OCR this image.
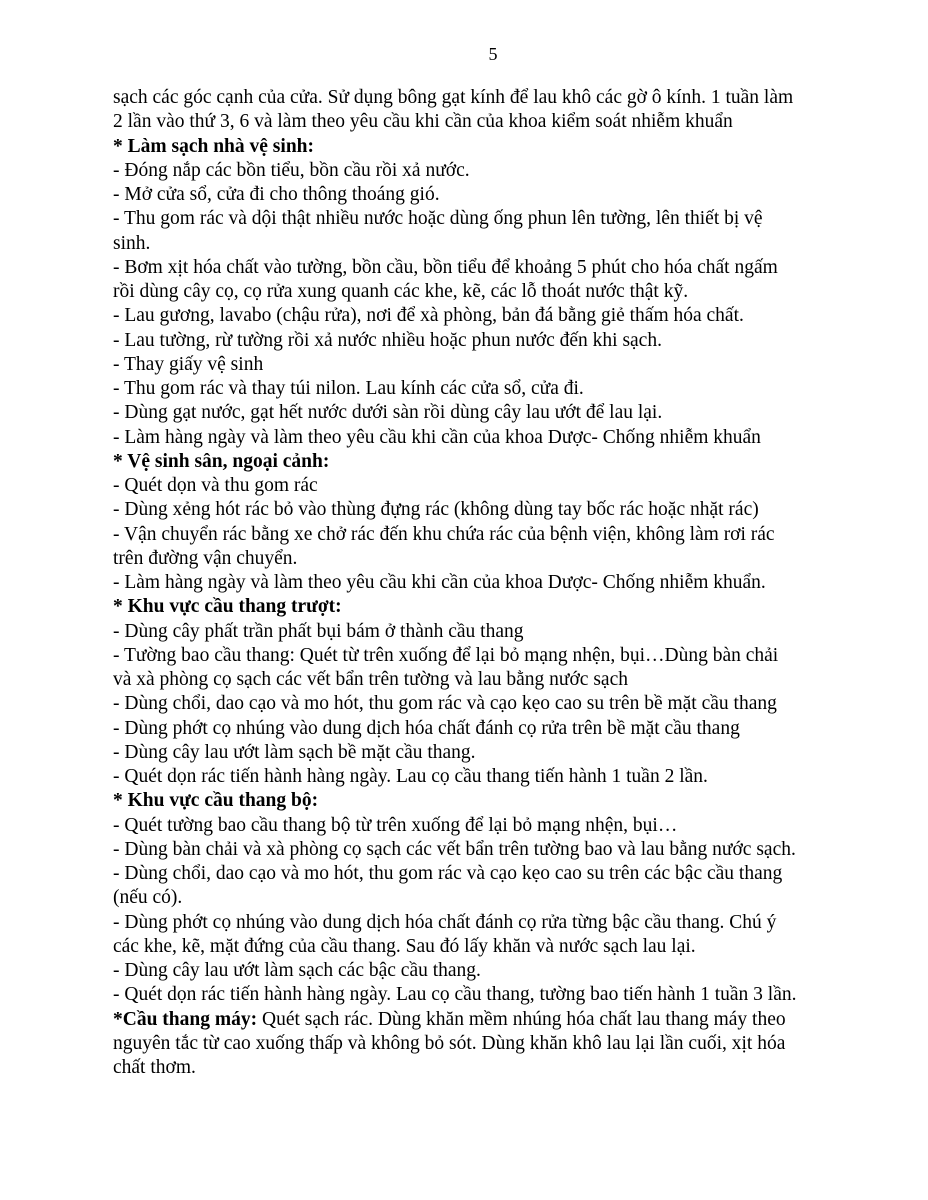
5
sạch các góc cạnh của cửa. Sử dụng bông gạt kính để lau khô các gờ ô kính. 1 tuần làm
2 lần vào thứ 3, 6 và làm theo yêu cầu khi cần của khoa kiểm soát nhiễm khuẩn
* Làm sạch nhà vệ sinh:
- Đóng nắp các bồn tiểu, bồn cầu rồi xả nước.
- Mở cửa sổ, cửa đi cho thông thoáng gió.
- Thu gom rác và dội thật nhiều nước hoặc dùng ống phun lên tường, lên thiết bị vệ
sinh.
- Bơm xịt hóa chất vào tường, bồn cầu, bồn tiểu để khoảng 5 phút cho hóa chất ngấm
rồi dùng cây cọ, cọ rửa xung quanh các khe, kẽ, các lỗ thoát nước thật kỹ.
- Lau gương, lavabo (chậu rửa), nơi để xà phòng, bản đá bằng giẻ thấm hóa chất.
- Lau tường, rừ tường rồi xả nước nhiều hoặc phun nước đến khi sạch.
- Thay giấy vệ sinh
- Thu gom rác và thay túi nilon. Lau kính các cửa sổ, cửa đi.
- Dùng gạt nước, gạt hết nước dưới sàn rồi dùng cây lau ướt để lau lại.
- Làm hàng ngày và làm theo yêu cầu khi cần của khoa Dược- Chống nhiễm khuẩn
* Vệ sinh sân, ngoại cảnh:
- Quét dọn và thu gom rác
- Dùng xẻng hót rác bỏ vào thùng đựng rác (không dùng tay bốc rác hoặc nhặt rác)
- Vận chuyển rác bằng xe chở rác đến khu chứa rác của bệnh viện, không làm rơi rác
trên đường vận chuyển.
- Làm hàng ngày và làm theo yêu cầu khi cần của khoa Dược- Chống nhiễm khuẩn.
* Khu vực cầu thang trượt:
- Dùng cây phất trần phất bụi bám ở thành cầu thang
- Tường bao cầu thang: Quét từ trên xuống để lại bỏ mạng nhện, bụi…Dùng bàn chải
và xà phòng cọ sạch các vết bẩn trên tường và lau bằng nước sạch
- Dùng chổi, dao cạo và mo hót, thu gom rác và cạo kẹo cao su trên bề mặt cầu thang
- Dùng phớt cọ nhúng vào dung dịch hóa chất đánh cọ rửa trên bề mặt cầu thang
- Dùng cây lau ướt làm sạch bề mặt cầu thang.
- Quét dọn rác tiến hành hàng ngày. Lau cọ cầu thang tiến hành 1 tuần 2 lần.
* Khu vực cầu thang bộ:
- Quét tường bao cầu thang bộ từ trên xuống để lại bỏ mạng nhện, bụi…
- Dùng bàn chải và xà phòng cọ sạch các vết bẩn trên tường bao và lau bằng nước sạch.
- Dùng chổi, dao cạo và mo hót, thu gom rác và cạo kẹo cao su trên các bậc cầu thang
(nếu có).
- Dùng phớt cọ nhúng vào dung dịch hóa chất đánh cọ rửa từng bậc cầu thang. Chú ý
các khe, kẽ, mặt đứng của cầu thang. Sau đó lấy khăn và nước sạch lau lại.
- Dùng cây lau ướt làm sạch các bậc cầu thang.
- Quét dọn rác tiến hành hàng ngày. Lau cọ cầu thang, tường bao tiến hành 1 tuần 3 lần.
*Cầu thang máy: Quét sạch rác. Dùng khăn mềm nhúng hóa chất lau thang máy theo
nguyên tắc từ cao xuống thấp và không bỏ sót. Dùng khăn khô lau lại lần cuối, xịt hóa
chất thơm.
